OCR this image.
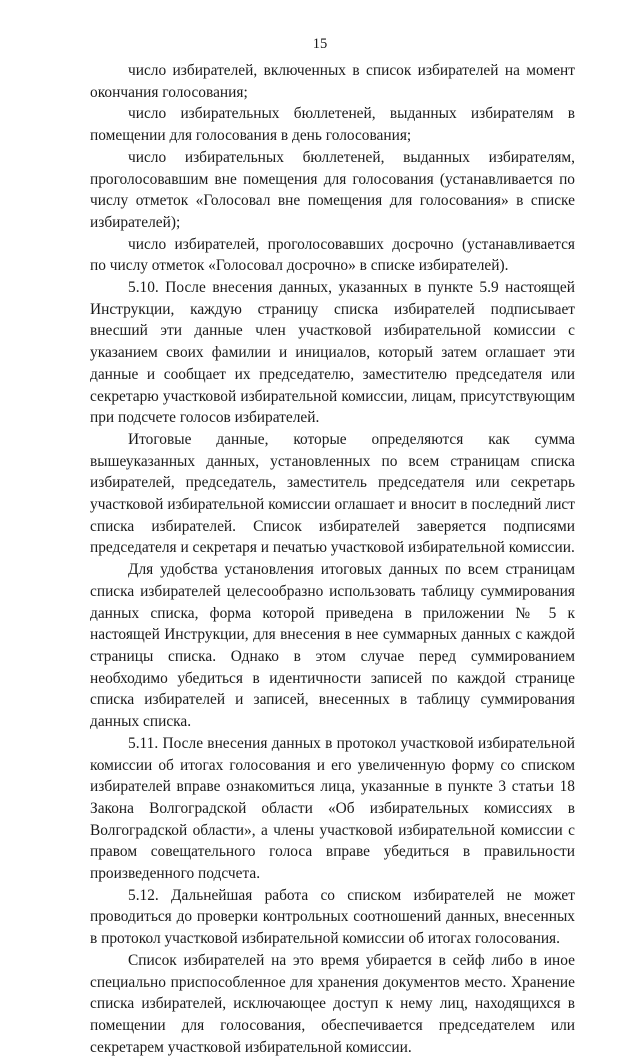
15

число избирателей, включенных в список избирателей на момент окончания голосования;

число избирательных бюллетеней, выданных избирателям в помещении для голосования в день голосования;

число избирательных бюллетеней, выданных избирателям, проголосовавшим вне помещения для голосования (устанавливается по числу отметок «Голосовал вне помещения для голосования» в списке избирателей);

число избирателей, проголосовавших досрочно (устанавливается по числу отметок «Голосовал досрочно» в списке избирателей).

5.10. После внесения данных, указанных в пункте 5.9 настоящей Инструкции, каждую страницу списка избирателей подписывает внесший эти данные член участковой избирательной комиссии с указанием своих фамилии и инициалов, который затем оглашает эти данные и сообщает их председателю, заместителю председателя или секретарю участковой избирательной комиссии, лицам, присутствующим при подсчете голосов избирателей.

Итоговые данные, которые определяются как сумма вышеуказанных данных, установленных по всем страницам списка избирателей, председатель, заместитель председателя или секретарь участковой избирательной комиссии оглашает и вносит в последний лист списка избирателей. Список избирателей заверяется подписями председателя и секретаря и печатью участковой избирательной комиссии.

Для удобства установления итоговых данных по всем страницам списка избирателей целесообразно использовать таблицу суммирования данных списка, форма которой приведена в приложении № 5 к настоящей Инструкции, для внесения в нее суммарных данных с каждой страницы списка. Однако в этом случае перед суммированием необходимо убедиться в идентичности записей по каждой странице списка избирателей и записей, внесенных в таблицу суммирования данных списка.

5.11. После внесения данных в протокол участковой избирательной комиссии об итогах голосования и его увеличенную форму со списком избирателей вправе ознакомиться лица, указанные в пункте 3 статьи 18 Закона Волгоградской области «Об избирательных комиссиях в Волгоградской области», а члены участковой избирательной комиссии с правом совещательного голоса вправе убедиться в правильности произведенного подсчета.

5.12. Дальнейшая работа со списком избирателей не может проводиться до проверки контрольных соотношений данных, внесенных в протокол участковой избирательной комиссии об итогах голосования.

Список избирателей на это время убирается в сейф либо в иное специально приспособленное для хранения документов место. Хранение списка избирателей, исключающее доступ к нему лиц, находящихся в помещении для голосования, обеспечивается председателем или секретарем участковой избирательной комиссии.
